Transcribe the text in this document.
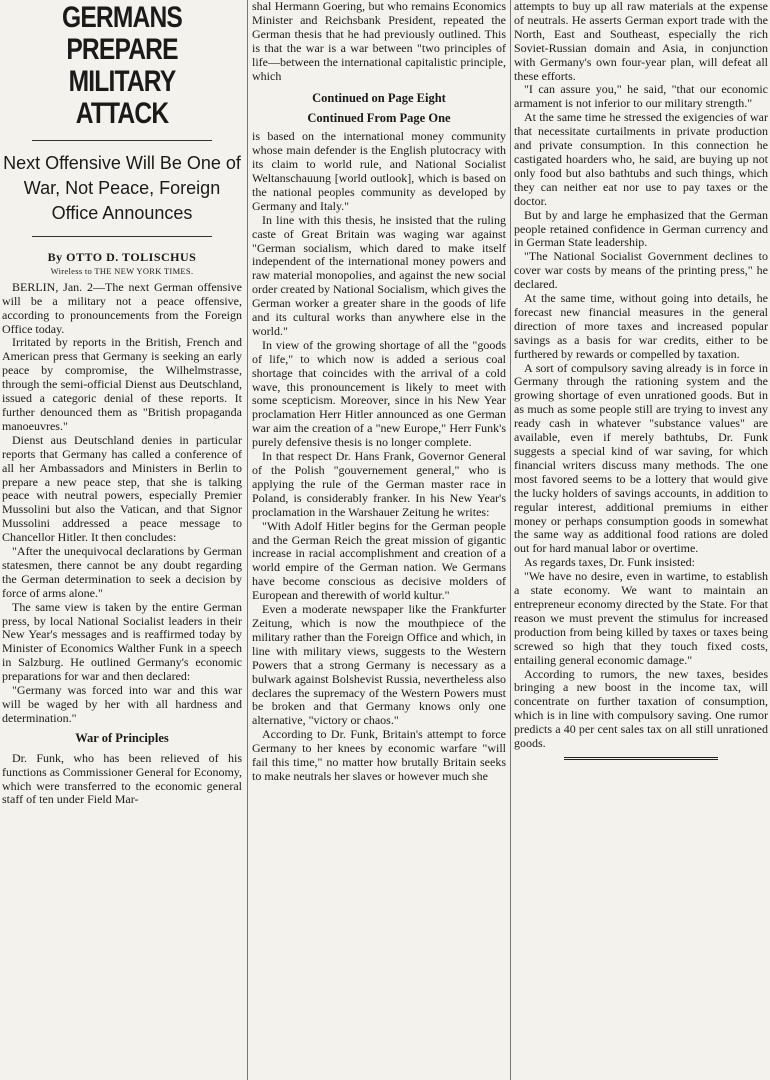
GERMANS PREPARE MILITARY ATTACK
Next Offensive Will Be One of War, Not Peace, Foreign Office Announces
By OTTO D. TOLISCHUS
Wireless to THE NEW YORK TIMES.

BERLIN, Jan. 2—The next German offensive will be a military not a peace offensive, according to pronouncements from the Foreign Office today.

Irritated by reports in the British, French and American press that Germany is seeking an early peace by compromise, the Wilhelmstrasse, through the semi-official Dienst aus Deutschland, issued a categoric denial of these reports. It further denounced them as "British propaganda manoeuvres."

Dienst aus Deutschland denies in particular reports that Germany has called a conference of all her Ambassadors and Ministers in Berlin to prepare a new peace step, that she is talking peace with neutral powers, especially Premier Mussolini but also the Vatican, and that Signor Mussolini addressed a peace message to Chancellor Hitler. It then concludes:

"After the unequivocal declarations by German statesmen, there cannot be any doubt regarding the German determination to seek a decision by force of arms alone."

The same view is taken by the entire German press, by local National Socialist leaders in their New Year's messages and is reaffirmed today by Minister of Economics Walther Funk in a speech in Salzburg. He outlined Germany's economic preparations for war and then declared:

"Germany was forced into war and this war will be waged by her with all hardness and determination."

War of Principles

Dr. Funk, who has been relieved of his functions as Commissioner General for Economy, which were transferred to the economic general staff of ten under Field Mar-

shal Hermann Goering, but who remains Economics Minister and Reichsbank President, repeated the German thesis that he had previously outlined. This is that the war is a war between "two principles of life—between the international capitalistic principle, which

Continued on Page Eight
Continued From Page One

is based on the international money community whose main defender is the English plutocracy with its claim to world rule, and National Socialist Weltanschauung [world outlook], which is based on the national peoples community as developed by Germany and Italy."

In line with this thesis, he insisted that the ruling caste of Great Britain was waging war against "German socialism, which dared to make itself independent of the international money powers and raw material monopolies, and against the new social order created by National Socialism, which gives the German worker a greater share in the goods of life and its cultural works than anywhere else in the world."

In view of the growing shortage of all the "goods of life," to which now is added a serious coal shortage that coincides with the arrival of a cold wave, this pronouncement is likely to meet with some scepticism. Moreover, since in his New Year proclamation Herr Hitler announced as one German war aim the creation of a "new Europe," Herr Funk's purely defensive thesis is no longer complete.

In that respect Dr. Hans Frank, Governor General of the Polish "gouvernement general," who is applying the rule of the German master race in Poland, is considerably franker. In his New Year's proclamation in the Warshauer Zeitung he writes:

"With Adolf Hitler begins for the German people and the German Reich the great mission of gigantic increase in racial accomplishment and creation of a world empire of the German nation. We Germans have become conscious as decisive molders of European and therewith of world kultur."

Even a moderate newspaper like the Frankfurter Zeitung, which is now the mouthpiece of the military rather than the Foreign Office and which, in line with military views, suggests to the Western Powers that a strong Germany is necessary as a bulwark against Bolshevist Russia, nevertheless also declares the supremacy of the Western Powers must be broken and that Germany knows only one alternative, "victory or chaos."

According to Dr. Funk, Britain's attempt to force Germany to her knees by economic warfare "will fail this time," no matter how brutally Britain seeks to make neutrals her slaves or however much she

attempts to buy up all raw materials at the expense of neutrals. He asserts German export trade with the North, East and Southeast, especially the rich Soviet-Russian domain and Asia, in conjunction with Germany's own four-year plan, will defeat all these efforts.

"I can assure you," he said, "that our economic armament is not inferior to our military strength."

At the same time he stressed the exigencies of war that necessitate curtailments in private production and private consumption. In this connection he castigated hoarders who, he said, are buying up not only food but also bathtubs and such things, which they can neither eat nor use to pay taxes or the doctor.

But by and large he emphasized that the German people retained confidence in German currency and in German State leadership.

"The National Socialist Government declines to cover war costs by means of the printing press," he declared.

At the same time, without going into details, he forecast new financial measures in the general direction of more taxes and increased popular savings as a basis for war credits, either to be furthered by rewards or compelled by taxation.

A sort of compulsory saving already is in force in Germany through the rationing system and the growing shortage of even unrationed goods. But in as much as some people still are trying to invest any ready cash in whatever "substance values" are available, even if merely bathtubs, Dr. Funk suggests a special kind of war saving, for which financial writers discuss many methods. The one most favored seems to be a lottery that would give the lucky holders of savings accounts, in addition to regular interest, additional premiums in either money or perhaps consumption goods in somewhat the same way as additional food rations are doled out for hard manual labor or overtime.

As regards taxes, Dr. Funk insisted:

"We have no desire, even in wartime, to establish a state economy. We want to maintain an entrepreneur economy directed by the State. For that reason we must prevent the stimulus for increased production from being killed by taxes or taxes being screwed so high that they touch fixed costs, entailing general economic damage."

According to rumors, the new taxes, besides bringing a new boost in the income tax, will concentrate on further taxation of consumption, which is in line with compulsory saving. One rumor predicts a 40 per cent sales tax on all still unrationed goods.
